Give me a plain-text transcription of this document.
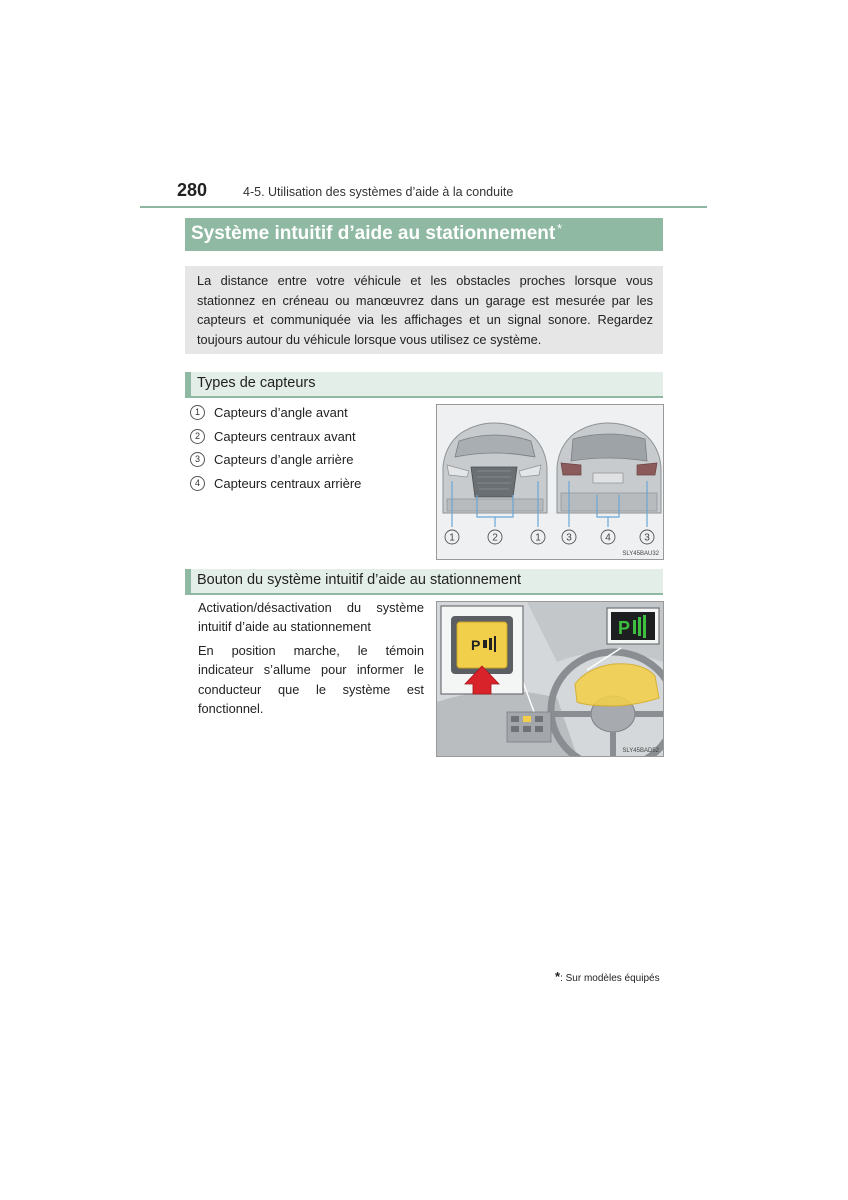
280	4-5. Utilisation des systèmes d’aide à la conduite
Système intuitif d’aide au stationnement *

La distance entre votre véhicule et les obstacles proches lorsque vous stationnez en créneau ou manœuvrez dans un garage est mesurée par les capteurs et communiquée via les affichages et un signal sonore. Regardez toujours autour du véhicule lorsque vous utilisez ce système.

Types de capteurs
1	Capteurs d’angle avant
2	Capteurs centraux avant
3	Capteurs d’angle arrière
4	Capteurs centraux arrière
1	2	1	3	4	3
SLY45BAU32
Bouton du système intuitif d’aide au stationnement

Activation/désactivation du système intuitif d’aide au stationnement

En position marche, le témoin indicateur s’allume pour informer le conducteur que le système est fonctionnel.

P
P
SLY45BAD52
*: Sur modèles équipés
